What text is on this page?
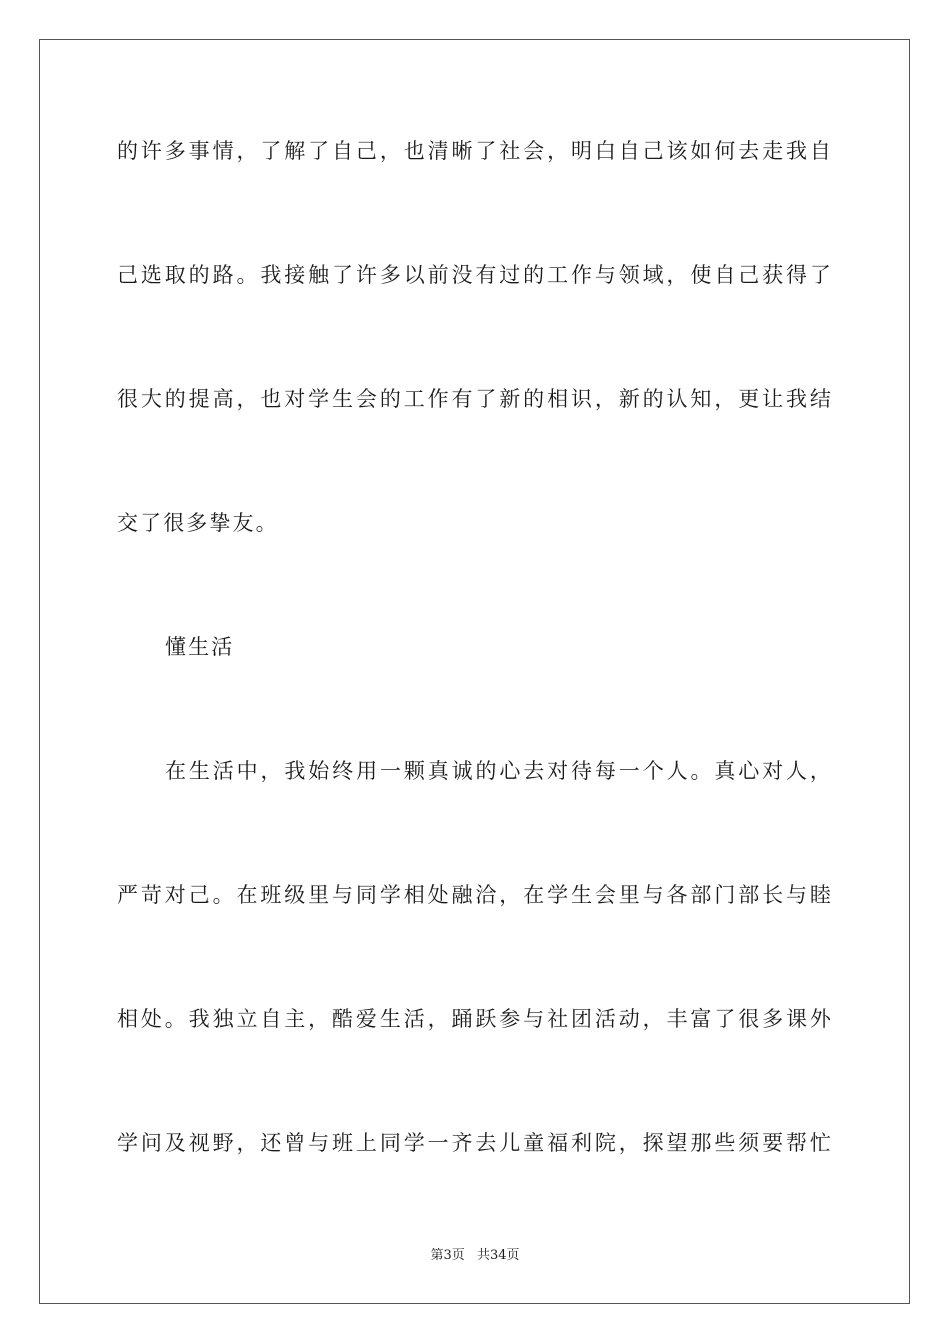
的许多事情，了解了自己，也清晰了社会，明白自己该如何去走我自
己选取的路。我接触了许多以前没有过的工作与领域，使自己获得了
很大的提高，也对学生会的工作有了新的相识，新的认知，更让我结
交了很多挚友。
懂生活
在生活中，我始终用一颗真诚的心去对待每一个人。真心对人，
严苛对己。在班级里与同学相处融洽，在学生会里与各部门部长与睦
相处。我独立自主，酷爱生活，踊跃参与社团活动，丰富了很多课外
学问及视野，还曾与班上同学一齐去儿童福利院，探望那些须要帮忙
第3页 共34页
